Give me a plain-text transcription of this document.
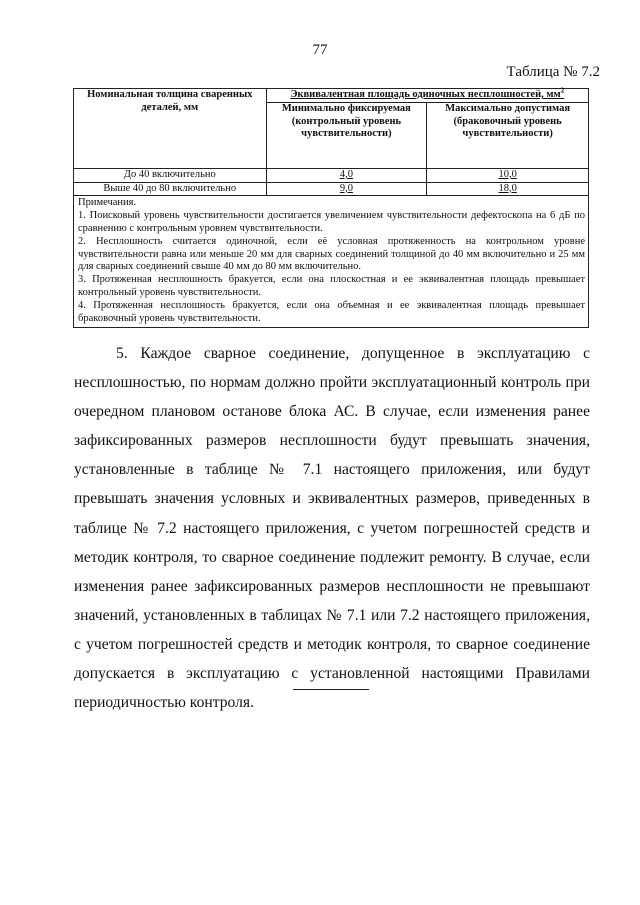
77
Таблица № 7.2
Номинальная толщина сваренных деталей, мм	Эквивалентная площадь одиночных несплошностей, $мм^2$
	Минимально фиксируемая (контрольный уровень чувствительности)	Максимально допустимая (браковочный уровень чувствительности)
До 40 включительно	4,0	10,0
Выше 40 до 80 включительно	9,0	18,0

Примечания.
1. Поисковый уровень чувствительности достигается увеличением чувствительности дефектоскопа на 6 дБ по сравнению с контрольным уровнем чувствительности.
2. Несплошность считается одиночной, если её условная протяженность на контрольном уровне чувствительности равна или меньше 20 мм для сварных соединений толщиной до 40 мм включительно и 25 мм для сварных соединений свыше 40 мм до 80 мм включительно.
3. Протяженная несплошность бракуется, если она плоскостная и ее эквивалентная площадь превышает контрольный уровень чувствительности.
4. Протяженная несплошность бракуется, если она объемная и ее эквивалентная площадь превышает браковочный уровень чувствительности.		

5. Каждое сварное соединение, допущенное в эксплуатацию с несплошностью, по нормам должно пройти эксплуатационный контроль при очередном плановом останове блока АС. В случае, если изменения ранее зафиксированных размеров несплошности будут превышать значения, установленные в таблице № 7.1 настоящего приложения, или будут превышать значения условных и эквивалентных размеров, приведенных в таблице № 7.2 настоящего приложения, с учетом погрешностей средств и методик контроля, то сварное соединение подлежит ремонту. В случае, если изменения ранее зафиксированных размеров несплошности не превышают значений, установленных в таблицах № 7.1 или 7.2 настоящего приложения, с учетом погрешностей средств и методик контроля, то сварное соединение допускается в эксплуатацию с установленной настоящими Правилами периодичностью контроля.
